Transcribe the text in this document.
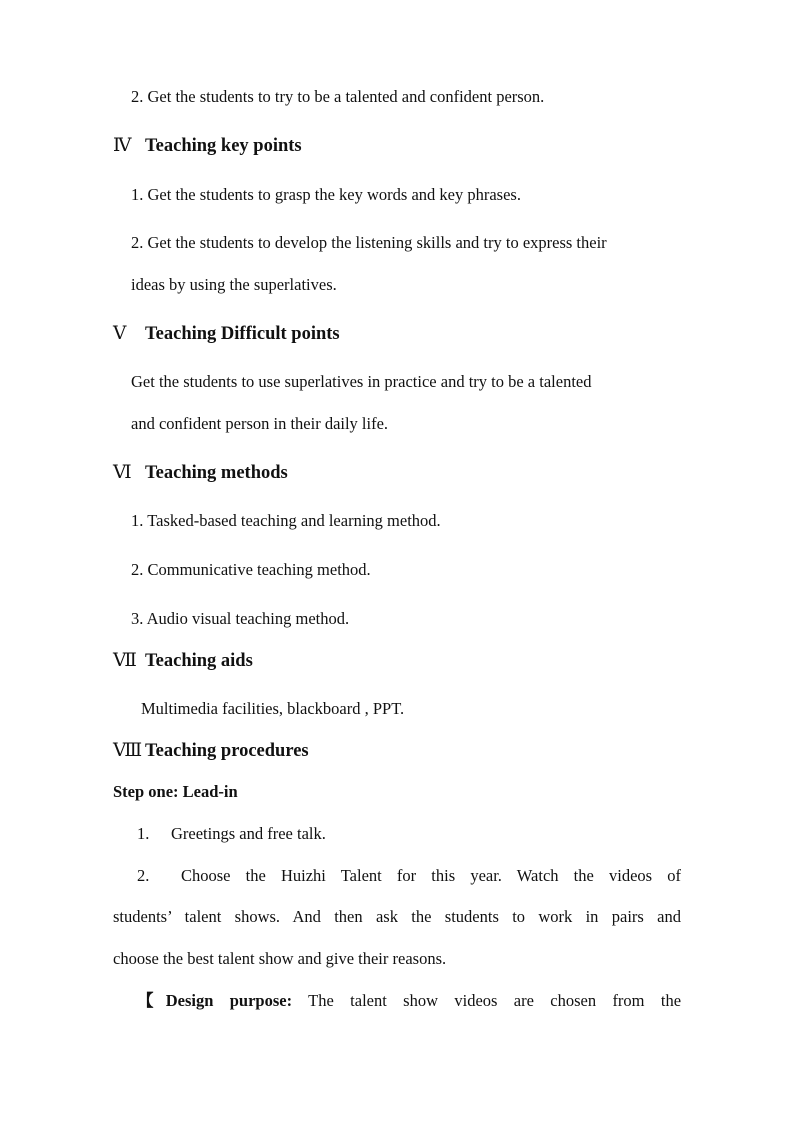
2. Get the students to try to be a talented and confident person.
Ⅳ Teaching key points
1. Get the students to grasp the key words and key phrases.
2. Get the students to develop the listening skills and try to express their
ideas by using the superlatives.
Ⅴ Teaching Difficult points
Get the students to use superlatives in practice and try to be a talented
and confident person in their daily life.
Ⅵ Teaching methods
1. Tasked-based teaching and learning method.
2. Communicative teaching method.
3. Audio visual teaching method.
Ⅶ Teaching aids
Multimedia facilities, blackboard , PPT.
Ⅷ Teaching procedures
Step one: Lead-in
1. Greetings and free talk.
2. Choose the Huizhi Talent for this year. Watch the videos of
students’ talent shows. And then ask the students to work in pairs and
choose the best talent show and give their reasons.
【Design purpose: The talent show videos are chosen from the
